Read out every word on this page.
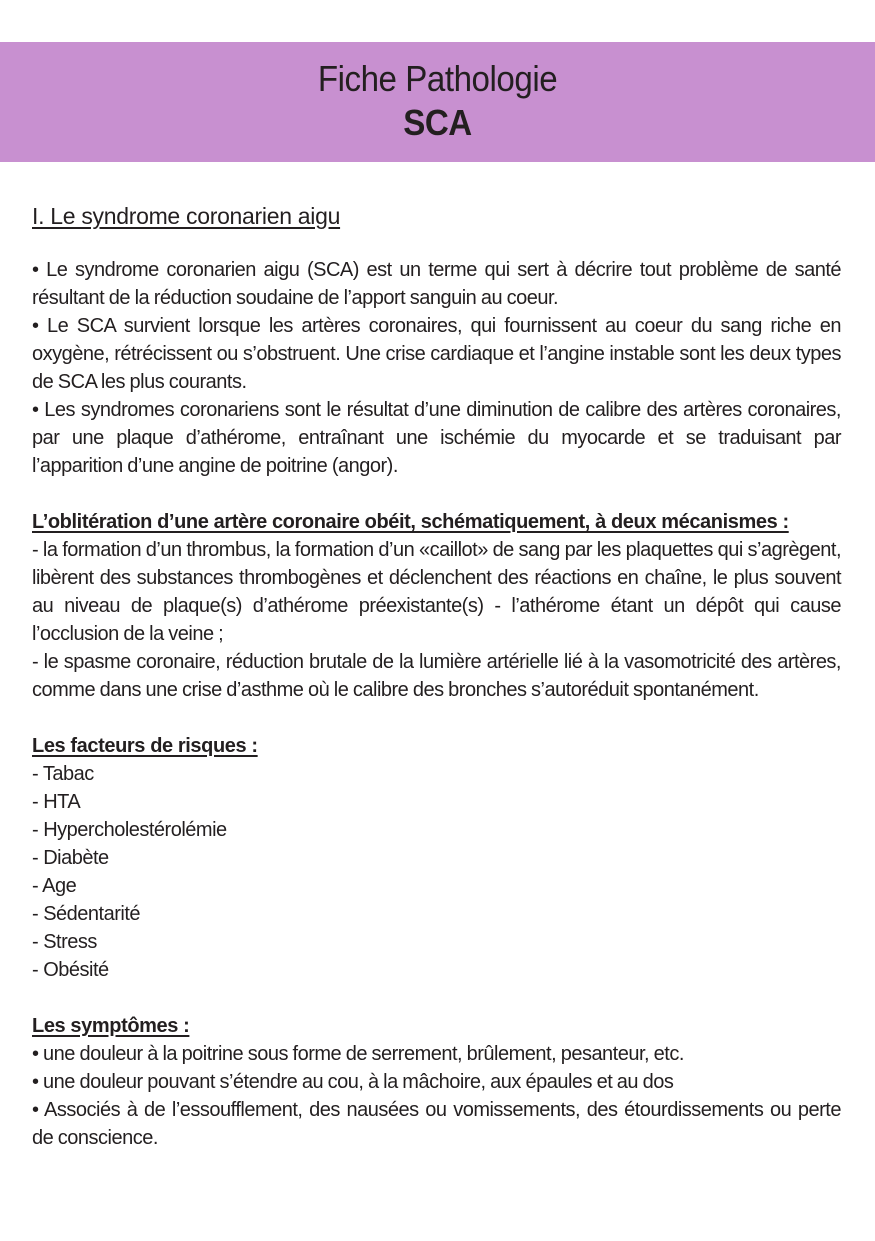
Fiche Pathologie
SCA
I. Le syndrome coronarien aigu

• Le syndrome coronarien aigu (SCA) est un terme qui sert à décrire tout problème de santé résultant de la réduction soudaine de l’apport sanguin au coeur.

• Le SCA survient lorsque les artères coronaires, qui fournissent au coeur du sang riche en oxygène, rétrécissent ou s’obstruent. Une crise cardiaque et l’angine instable sont les deux types de SCA les plus courants.

• Les syndromes coronariens sont le résultat d’une diminution de calibre des artères coronaires, par une plaque d’athérome, entraînant une ischémie du myocarde et se traduisant par l’apparition d’une angine de poitrine (angor).

L’oblitération d’une artère coronaire obéit, schématiquement, à deux mécanismes :

- la formation d’un thrombus, la formation d’un «caillot» de sang par les plaquettes qui s’agrègent, libèrent des substances thrombogènes et déclenchent des réactions en chaîne, le plus souvent au niveau de plaque(s) d’athérome préexistante(s) - l’athérome étant un dépôt qui cause l’occlusion de la veine ;

- le spasme coronaire, réduction brutale de la lumière artérielle lié à la vasomotricité des artères, comme dans une crise d’asthme où le calibre des bronches s’autoréduit spontanément.

Les facteurs de risques :
- Tabac
- HTA
- Hypercholestérolémie
- Diabète
- Age
- Sédentarité
- Stress
- Obésité
Les symptômes :

• une douleur à la poitrine sous forme de serrement, brûlement, pesanteur, etc.

• une douleur pouvant s’étendre au cou, à la mâchoire, aux épaules et au dos

• Associés à de l’essoufflement, des nausées ou vomissements, des étourdissements ou perte de conscience.
